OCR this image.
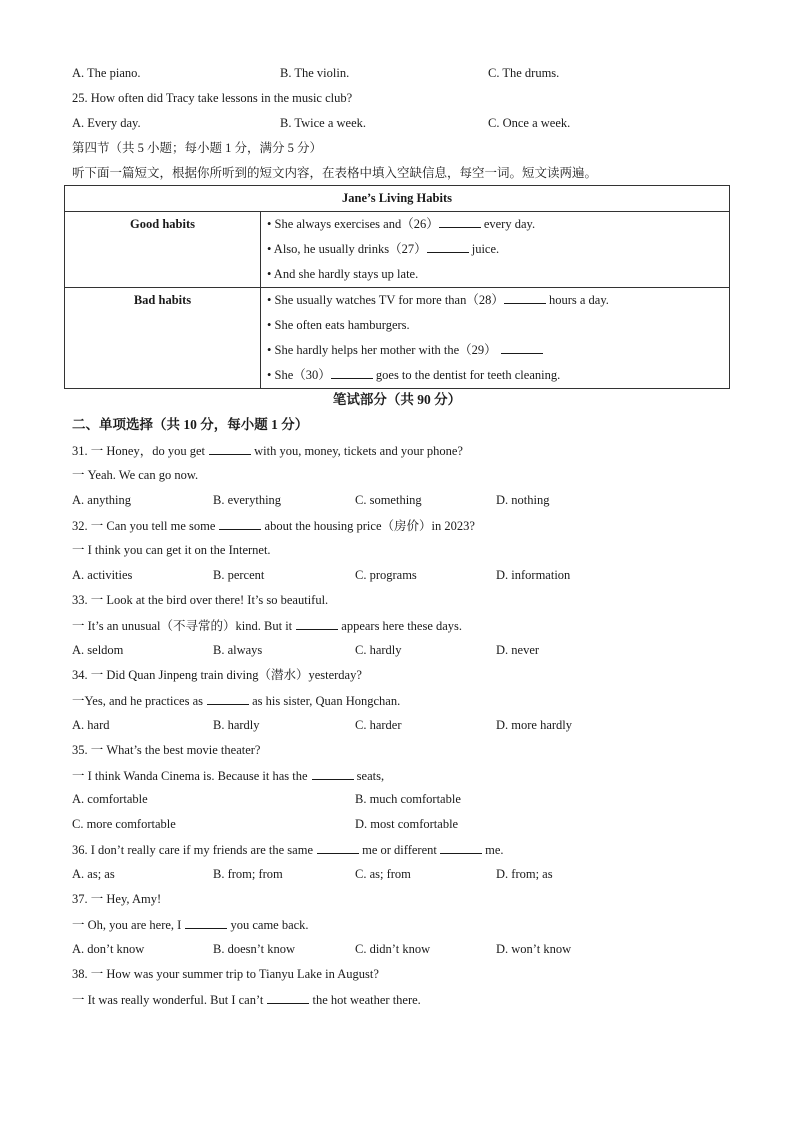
A. The piano.	B. The violin.	C. The drums.
25. How often did Tracy take lessons in the music club?
A. Every day.	B. Twice a week.	C. Once a week.
第四节（共 5 小题；每小题 1 分，满分 5 分）
听下面一篇短文，根据你所听到的短文内容，在表格中填入空缺信息，每空一词。短文读两遍。
Jane’s Living Habits	
Good habits	• She always exercises and（26） every day.
• Also, he usually drinks（27） juice.
• And she hardly stays up late.

Bad habits	• She usually watches TV for more than（28） hours a day.
• She often eats hamburgers.
• She hardly helps her mother with the（29）
• She（30） goes to the dentist for teeth cleaning.
笔试部分（共 90 分）
二、单项选择（共 10 分，每小题 1 分）
31. 一 Honey，do you get	with you, money, tickets and your phone?
一 Yeah. We can go now.
A. anything	B. everything	C. something	D. nothing
32. 一 Can you tell me some	about the housing price（房价）in 2023?
一 I think you can get it on the Internet.
A. activities	B. percent	C. programs	D. information
33. 一 Look at the bird over there! It’s so beautiful.
一 It’s an unusual（不寻常的）kind. But it	appears here these days.
A. seldom	B. always	C. hardly	D. never
34. 一 Did Quan Jinpeng train diving（潜水）yesterday?
一Yes, and he practices as	as his sister, Quan Hongchan.
A. hard	B. hardly	C. harder	D. more hardly
35. 一 What’s the best movie theater?
一 I think Wanda Cinema is. Because it has the	seats,
A. comfortable	B. much comfortable
C. more comfortable	D. most comfortable
36. I don’t really care if my friends are the same	me or different	me.
A. as; as	B. from; from	C. as; from	D. from; as
37. 一 Hey, Amy!
一 Oh, you are here, I	you came back.
A. don’t know	B. doesn’t know	C. didn’t know	D. won’t know
38. 一 How was your summer trip to Tianyu Lake in August?
一 It was really wonderful. But I can’t	the hot weather there.
